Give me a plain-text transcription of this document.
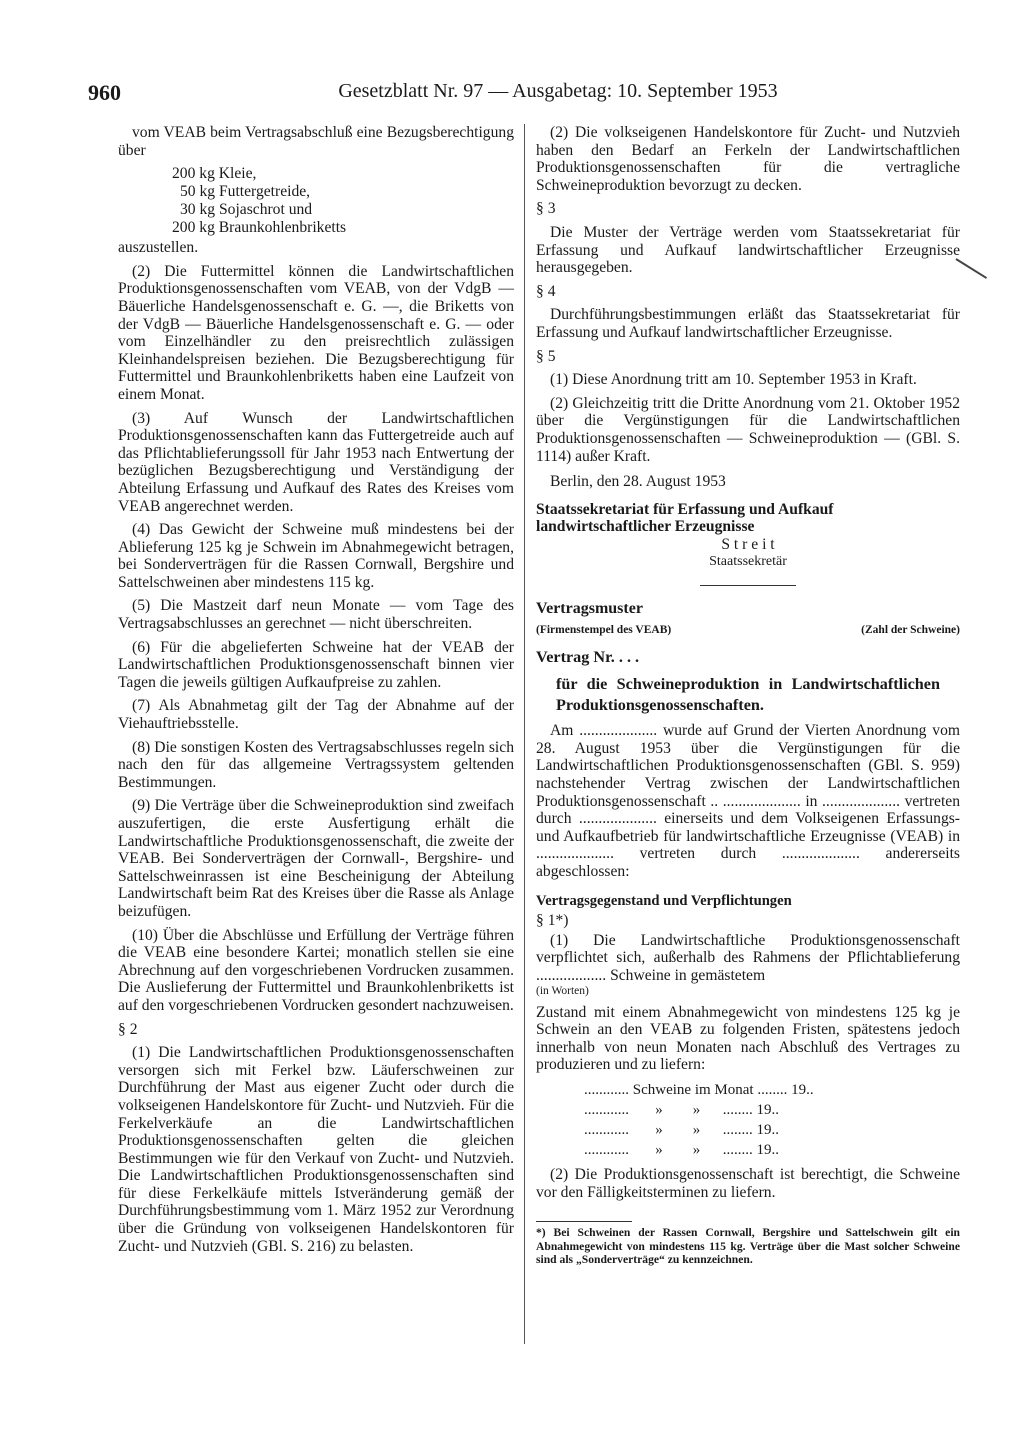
960	Gesetzblatt Nr. 97 — Ausgabetag: 10. September 1953

vom VEAB beim Vertragsabschluß eine Bezugsberechtigung über

200 kg Kleie,
50 kg Futtergetreide,
30 kg Sojaschrot und
200 kg Braunkohlenbriketts

auszustellen.

(2) Die Futtermittel können die Landwirtschaftlichen Produktionsgenossenschaften vom VEAB, von der VdgB — Bäuerliche Handelsgenossenschaft e. G. —, die Briketts von der VdgB — Bäuerliche Handelsgenossenschaft e. G. — oder vom Einzelhändler zu den preisrechtlich zulässigen Kleinhandelspreisen beziehen. Die Bezugsberechtigung für Futtermittel und Braunkohlenbriketts haben eine Laufzeit von einem Monat.

(3) Auf Wunsch der Landwirtschaftlichen Produktionsgenossenschaften kann das Futtergetreide auch auf das Pflichtablieferungssoll für Jahr 1953 nach Entwertung der bezüglichen Bezugsberechtigung und Verständigung der Abteilung Erfassung und Aufkauf des Rates des Kreises vom VEAB angerechnet werden.

(4) Das Gewicht der Schweine muß mindestens bei der Ablieferung 125 kg je Schwein im Abnahmegewicht betragen, bei Sonderverträgen für die Rassen Cornwall, Bergshire und Sattelschweinen aber mindestens 115 kg.

(5) Die Mastzeit darf neun Monate — vom Tage des Vertragsabschlusses an gerechnet — nicht überschreiten.

(6) Für die abgelieferten Schweine hat der VEAB der Landwirtschaftlichen Produktionsgenossenschaft binnen vier Tagen die jeweils gültigen Aufkaufpreise zu zahlen.

(7) Als Abnahmetag gilt der Tag der Abnahme auf der Viehauftriebsstelle.

(8) Die sonstigen Kosten des Vertragsabschlusses regeln sich nach den für das allgemeine Vertragssystem geltenden Bestimmungen.

(9) Die Verträge über die Schweineproduktion sind zweifach auszufertigen, die erste Ausfertigung erhält die Landwirtschaftliche Produktionsgenossenschaft, die zweite der VEAB. Bei Sonderverträgen der Cornwall-, Bergshire- und Sattelschweinrassen ist eine Bescheinigung der Abteilung Landwirtschaft beim Rat des Kreises über die Rasse als Anlage beizufügen.

(10) Über die Abschlüsse und Erfüllung der Verträge führen die VEAB eine besondere Kartei; monatlich stellen sie eine Abrechnung auf den vorgeschriebenen Vordrucken zusammen. Die Auslieferung der Futtermittel und Braunkohlenbriketts ist auf den vorgeschriebenen Vordrucken gesondert nachzuweisen.

§ 2

(1) Die Landwirtschaftlichen Produktionsgenossenschaften versorgen sich mit Ferkel bzw. Läuferschweinen zur Durchführung der Mast aus eigener Zucht oder durch die volkseigenen Handelskontore für Zucht- und Nutzvieh. Für die Ferkelverkäufe an die Landwirtschaftlichen Produktionsgenossenschaften gelten die gleichen Bestimmungen wie für den Verkauf von Zucht- und Nutzvieh. Die Landwirtschaftlichen Produktionsgenossenschaften sind für diese Ferkelkäufe mittels Istveränderung gemäß der Durchführungsbestimmung vom 1. März 1952 zur Verordnung über die Gründung von volkseigenen Handelskontoren für Zucht- und Nutzvieh (GBl. S. 216) zu belasten.

(2) Die volkseigenen Handelskontore für Zucht- und Nutzvieh haben den Bedarf an Ferkeln der Landwirtschaftlichen Produktionsgenossenschaften für die vertragliche Schweineproduktion bevorzugt zu decken.

§ 3

Die Muster der Verträge werden vom Staatssekretariat für Erfassung und Aufkauf landwirtschaftlicher Erzeugnisse herausgegeben.

§ 4

Durchführungsbestimmungen erläßt das Staatssekretariat für Erfassung und Aufkauf landwirtschaftlicher Erzeugnisse.

§ 5

(1) Diese Anordnung tritt am 10. September 1953 in Kraft.

(2) Gleichzeitig tritt die Dritte Anordnung vom 21. Oktober 1952 über die Vergünstigungen für die Landwirtschaftlichen Produktionsgenossenschaften — Schweineproduktion — (GBl. S. 1114) außer Kraft.

Berlin, den 28. August 1953

Staatssekretariat für Erfassung und Aufkauf

landwirtschaftlicher Erzeugnisse

S t r e i t

Staatssekretär

Vertragsmuster

(Firmenstempel des VEAB)	(Zahl der Schweine)

Vertrag Nr. . . .

für die Schweineproduktion in Landwirtschaftlichen Produktionsgenossenschaften.

Am .................... wurde auf Grund der Vierten Anordnung vom 28. August 1953 über die Vergünstigungen für die Landwirtschaftlichen Produktionsgenossenschaften (GBl. S. 959) nachstehender Vertrag zwischen der Landwirtschaftlichen Produktionsgenossenschaft .. .................... in .................... vertreten durch .................... einerseits und dem Volkseigenen Erfassungs- und Aufkaufbetrieb für landwirtschaftliche Erzeugnisse (VEAB) in .................... vertreten durch .................... andererseits abgeschlossen:

Vertragsgegenstand und Verpflichtungen

§ 1*)

(1) Die Landwirtschaftliche Produktionsgenossenschaft verpflichtet sich, außerhalb des Rahmens der Pflichtablieferung .................. Schweine in gemästetem

(in Worten)

Zustand mit einem Abnahmegewicht von mindestens 125 kg je Schwein an den VEAB zu folgenden Fristen, spätestens jedoch innerhalb von neun Monaten nach Abschluß des Vertrages zu produzieren und zu liefern:

............ Schweine im Monat ........ 19..
............       »        »      ........ 19..
............       »        »      ........ 19..
............       »        »      ........ 19..

(2) Die Produktionsgenossenschaft ist berechtigt, die Schweine vor den Fälligkeitsterminen zu liefern.

*) Bei Schweinen der Rassen Cornwall, Bergshire und Sattelschwein gilt ein Abnahmegewicht von mindestens 115 kg. Verträge über die Mast solcher Schweine sind als „Sonderverträge“ zu kennzeichnen.
